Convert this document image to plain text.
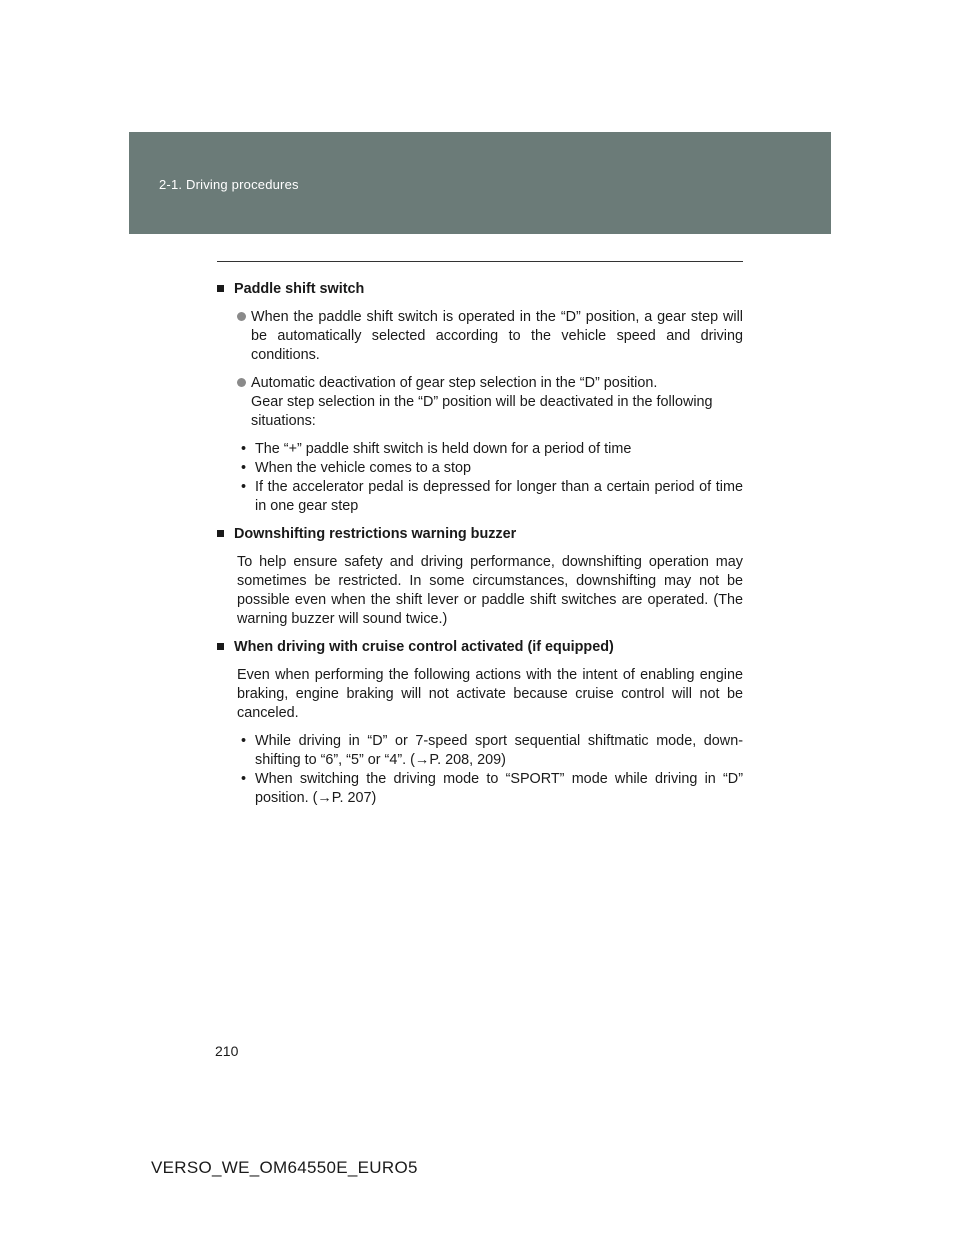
2-1. Driving procedures
Paddle shift switch
When the paddle shift switch is operated in the “D” position, a gear step will be automatically selected according to the vehicle speed and driving conditions.
Automatic deactivation of gear step selection in the “D” position.
Gear step selection in the “D” position will be deactivated in the following situations:
• The “+” paddle shift switch is held down for a period of time
• When the vehicle comes to a stop
• If the accelerator pedal is depressed for longer than a certain period of time in one gear step
Downshifting restrictions warning buzzer
To help ensure safety and driving performance, downshifting operation may sometimes be restricted. In some circumstances, downshifting may not be possible even when the shift lever or paddle shift switches are operated. (The warning buzzer will sound twice.)
When driving with cruise control activated (if equipped)
Even when performing the following actions with the intent of enabling engine braking, engine braking will not activate because cruise control will not be canceled.
• While driving in “D” or 7-speed sport sequential shiftmatic mode, down-shifting to “6”, “5” or “4”. (→P. 208, 209)
• When switching the driving mode to “SPORT” mode while driving in “D” position. (→P. 207)
210
VERSO_WE_OM64550E_EURO5
